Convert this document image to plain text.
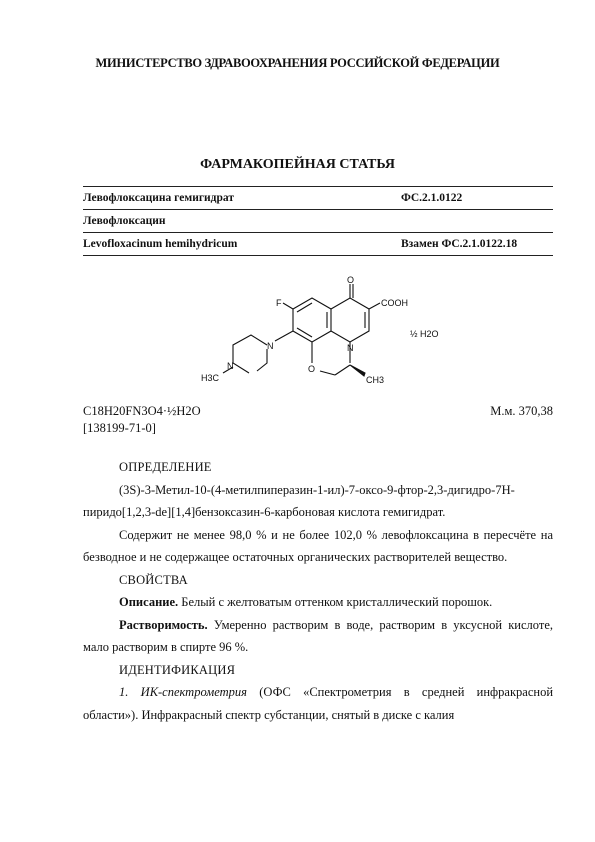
МИНИСТЕРСТВО ЗДРАВООХРАНЕНИЯ РОССИЙСКОЙ ФЕДЕРАЦИИ
ФАРМАКОПЕЙНАЯ СТАТЬЯ
Левофлоксацина гемигидрат	ФС.2.1.0122
Левофлоксацин	
Levofloxacinum hemihydricum	Взамен ФС.2.1.0122.18
F
O
COOH
N
N
N	O
H3C	CH3
½ H2O
C18H20FN3O4·½H2O	М.м. 370,38
[138199-71-0]

ОПРЕДЕЛЕНИЕ

(3S)-3-Метил-10-(4-метилпиперазин-1-ил)-7-оксо-9-фтор-2,3-дигидро-7H-пиридо[1,2,3-de][1,4]бензоксазин-6-карбоновая кислота гемигидрат.

Содержит не менее 98,0 % и не более 102,0 % левофлоксацина в пересчёте на безводное и не содержащее остаточных органических растворителей вещество.

СВОЙСТВА

Описание. Белый с желтоватым оттенком кристаллический порошок.

Растворимость. Умеренно растворим в воде, растворим в уксусной кислоте, мало растворим в спирте 96 %.

ИДЕНТИФИКАЦИЯ

1. ИК-спектрометрия (ОФС «Спектрометрия в средней инфракрасной области»). Инфракрасный спектр субстанции, снятый в диске с калия
